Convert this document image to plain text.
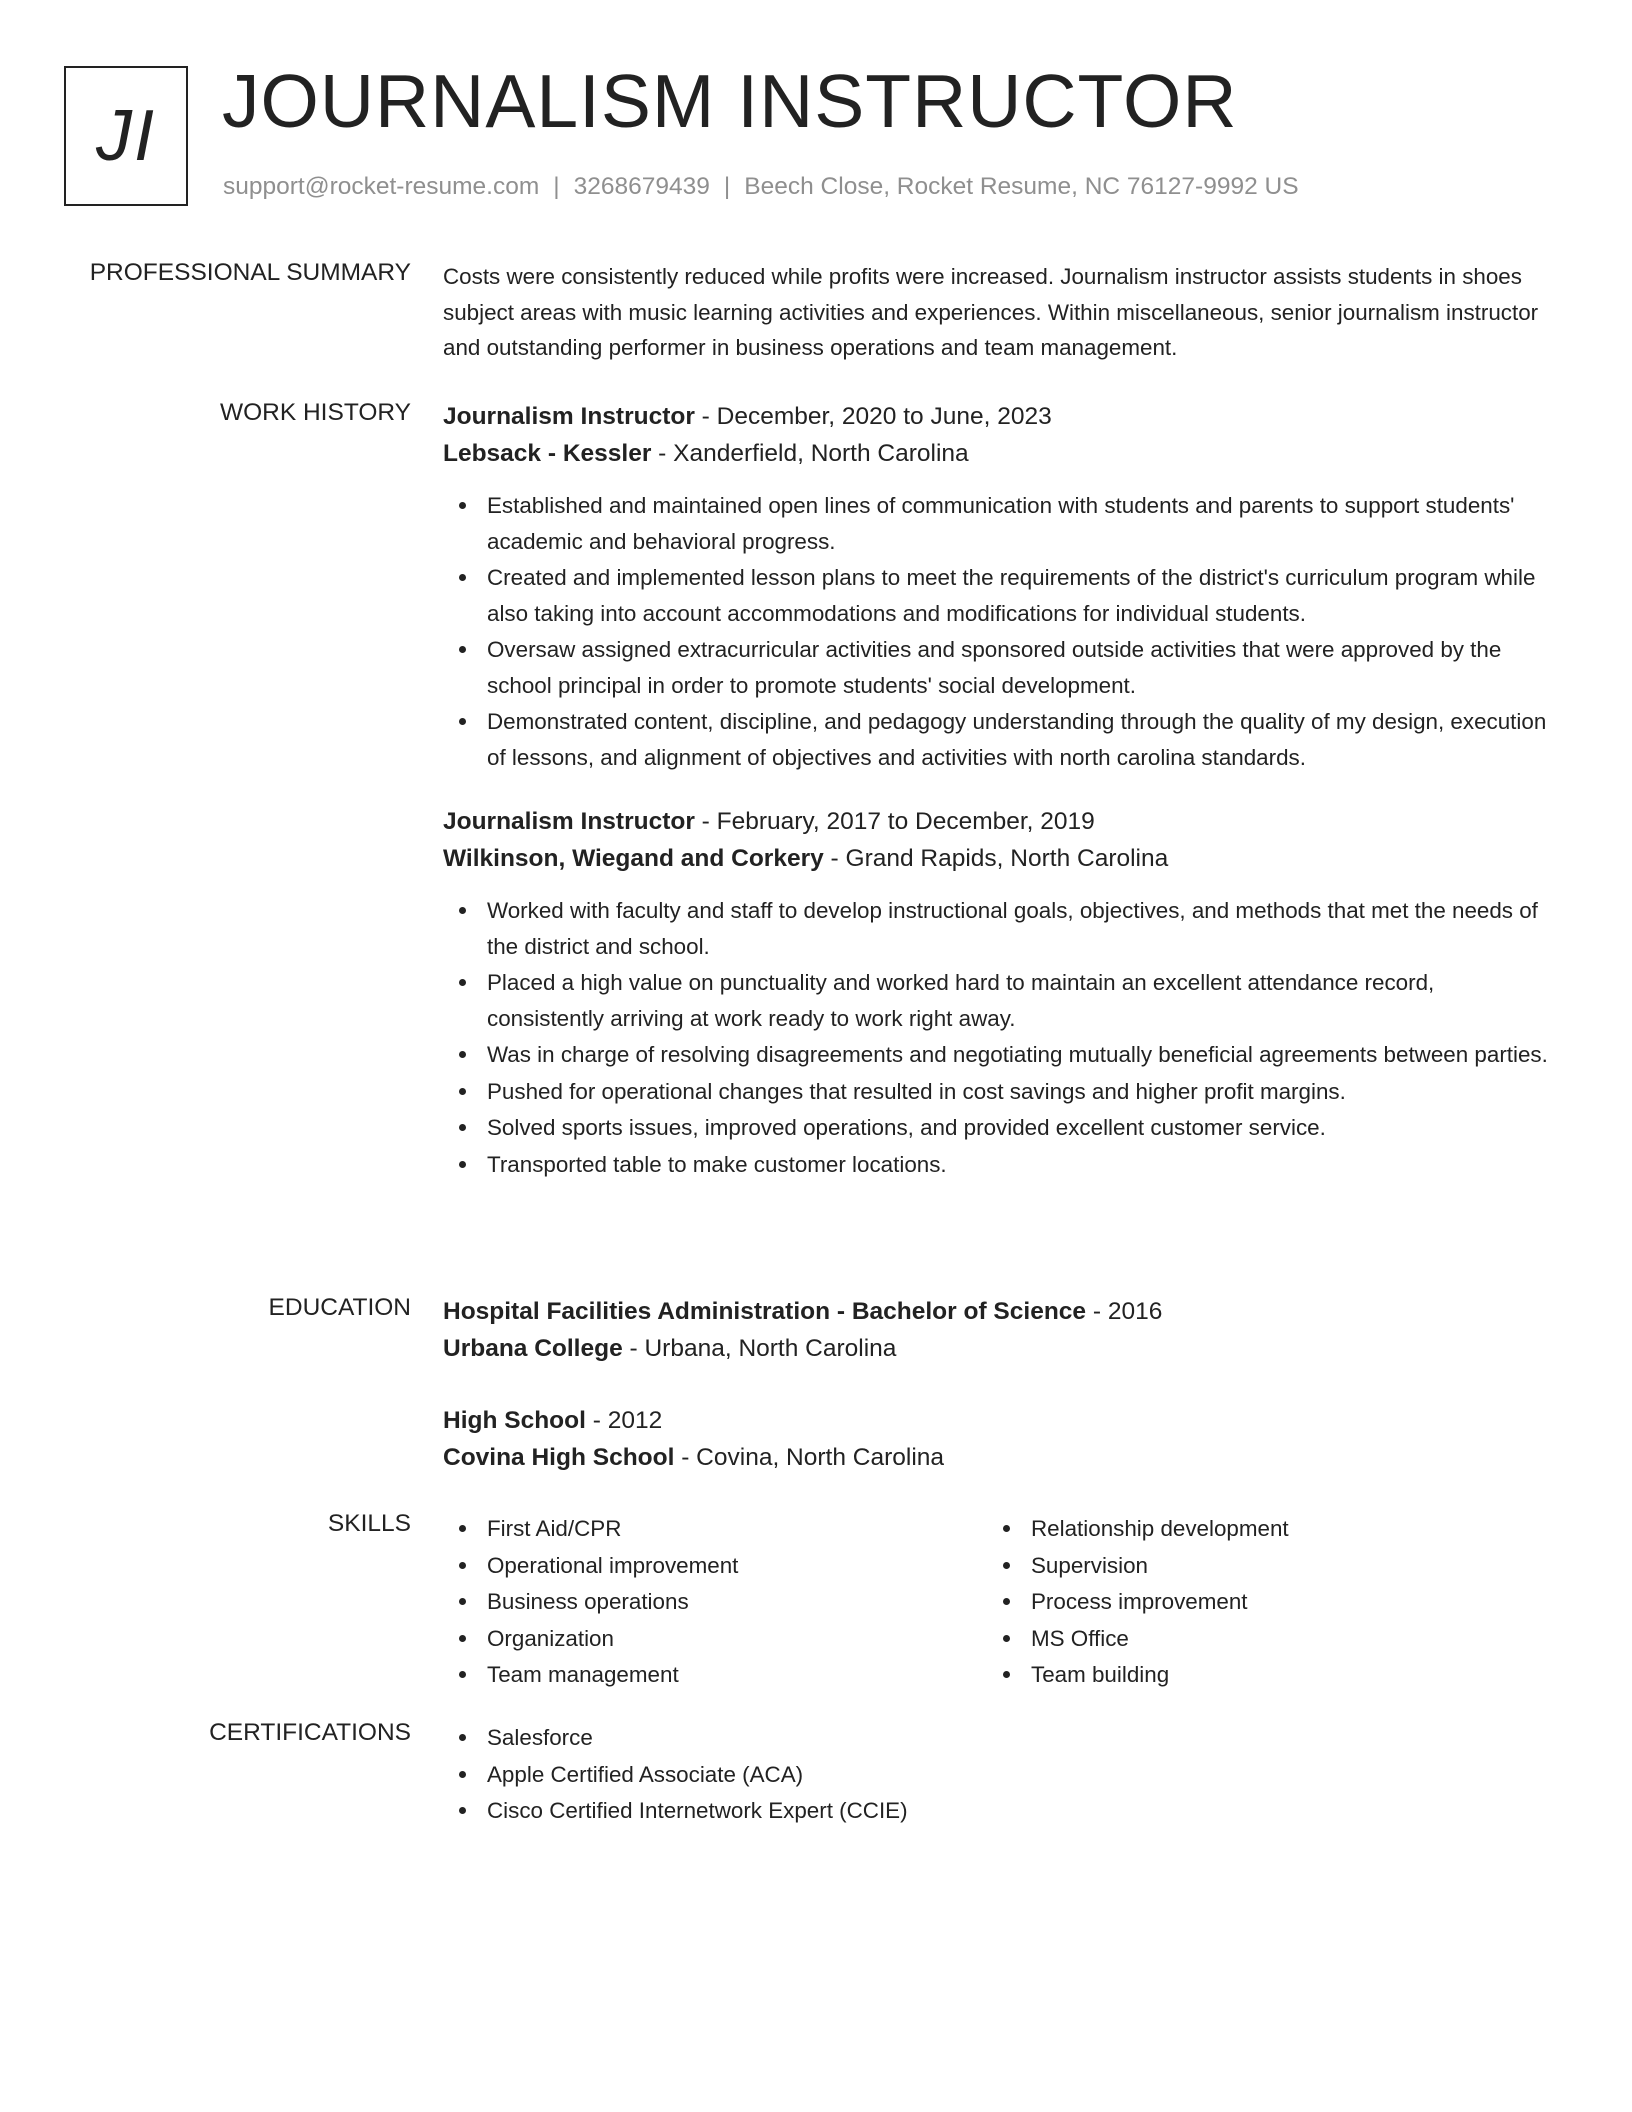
JI JOURNALISM INSTRUCTOR
support@rocket-resume.com | 3268679439 | Beech Close, Rocket Resume, NC 76127-9992 US
PROFESSIONAL SUMMARY Costs were consistently reduced while profits were increased. Journalism instructor assists students in shoes subject areas with music learning activities and experiences. Within miscellaneous, senior journalism instructor and outstanding performer in business operations and team management.

WORK HISTORY Journalism Instructor - December, 2020 to June, 2023

Lebsack - Kessler - Xanderfield, North Carolina

Established and maintained open lines of communication with students and parents to support students' academic and behavioral progress.
Created and implemented lesson plans to meet the requirements of the district's curriculum program while also taking into account accommodations and modifications for individual students.
Oversaw assigned extracurricular activities and sponsored outside activities that were approved by the school principal in order to promote students' social development.
Demonstrated content, discipline, and pedagogy understanding through the quality of my design, execution of lessons, and alignment of objectives and activities with north carolina standards.

Journalism Instructor - February, 2017 to December, 2019

Wilkinson, Wiegand and Corkery - Grand Rapids, North Carolina

Worked with faculty and staff to develop instructional goals, objectives, and methods that met the needs of the district and school.
Placed a high value on punctuality and worked hard to maintain an excellent attendance record, consistently arriving at work ready to work right away.
Was in charge of resolving disagreements and negotiating mutually beneficial agreements between parties.
Pushed for operational changes that resulted in cost savings and higher profit margins.
Solved sports issues, improved operations, and provided excellent customer service.
Transported table to make customer locations.
EDUCATION Hospital Facilities Administration - Bachelor of Science - 2016

Urbana College - Urbana, North Carolina

High School - 2012

Covina High School - Covina, North Carolina

SKILLS	First Aid/CPR
Operational improvement
Business operations
Organization
Team management
Relationship development
Supervision
Process improvement
MS Office
Team building
CERTIFICATIONS	Salesforce
Apple Certified Associate (ACA)
Cisco Certified Internetwork Expert (CCIE)
